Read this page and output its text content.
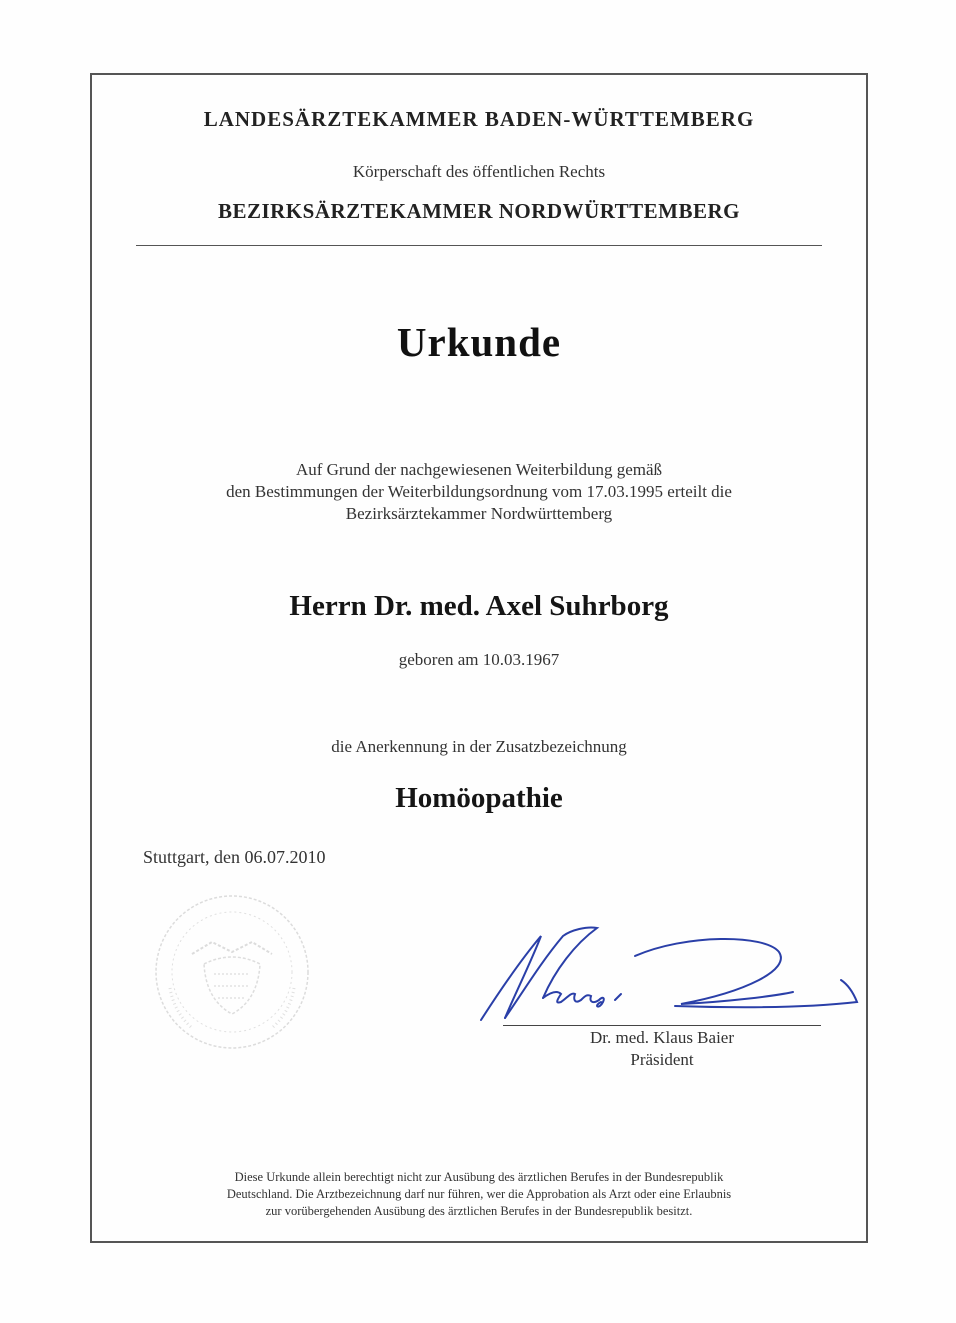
LANDESÄRZTEKAMMER BADEN-WÜRTTEMBERG
Körperschaft des öffentlichen Rechts
BEZIRKSÄRZTEKAMMER NORDWÜRTTEMBERG
Urkunde
Auf Grund der nachgewiesenen Weiterbildung gemäß
den Bestimmungen der Weiterbildungsordnung vom 17.03.1995 erteilt die
Bezirksärztekammer Nordwürttemberg
Herrn Dr. med. Axel Suhrborg
geboren am 10.03.1967
die Anerkennung in der Zusatzbezeichnung
Homöopathie
Stuttgart, den 06.07.2010
Dr. med. Klaus Baier
Präsident
Diese Urkunde allein berechtigt nicht zur Ausübung des ärztlichen Berufes in der Bundesrepublik
Deutschland. Die Arztbezeichnung darf nur führen, wer die Approbation als Arzt oder eine Erlaubnis
zur vorübergehenden Ausübung des ärztlichen Berufes in der Bundesrepublik besitzt.
